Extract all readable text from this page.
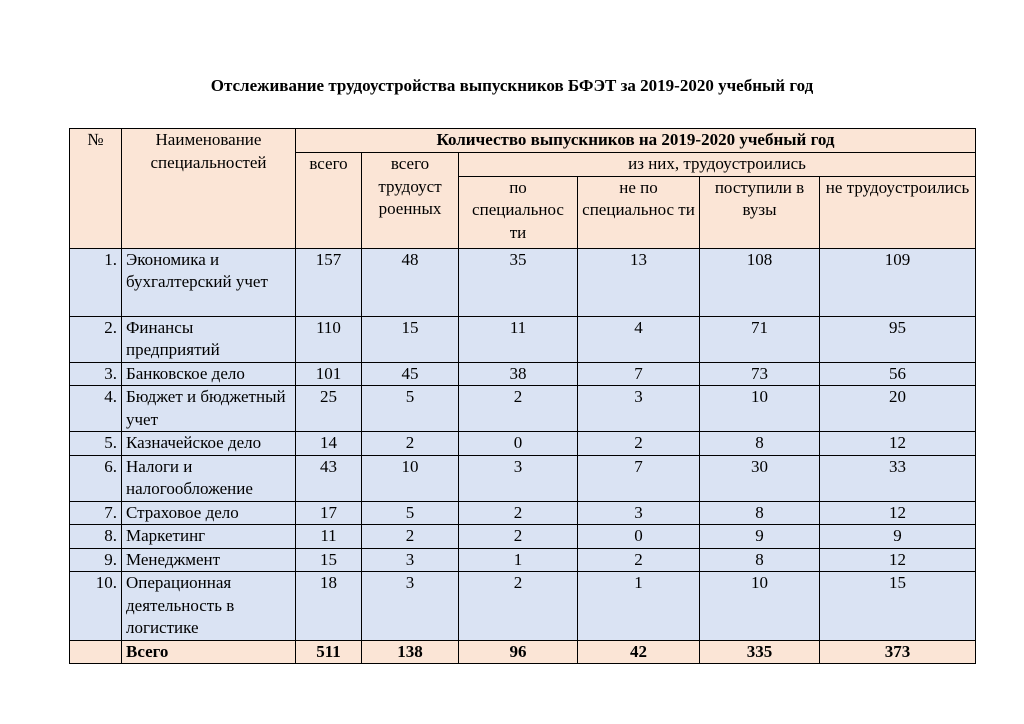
Отслеживание трудоустройства выпускников БФЭТ за 2019-2020 учебный год
№	Наименование специальностей	Количество выпускников на 2019-2020 учебный год					
		всего	всего трудоуст роенных	из них, трудоустроились			
				по специальнос ти	не по специальнос ти	поступили в вузы	не трудоустроились
1.	Экономика и бухгалтерский учет	157	48	35	13	108	109
2.	Финансы предприятий	110	15	11	4	71	95
3.	Банковское дело	101	45	38	7	73	56
4.	Бюджет и бюджетный учет	25	5	2	3	10	20
5.	Казначейское дело	14	2	0	2	8	12
6.	Налоги и налогообложение	43	10	3	7	30	33
7.	Страховое дело	17	5	2	3	8	12
8.	Маркетинг	11	2	2	0	9	9
9.	Менеджмент	15	3	1	2	8	12
10.	Операционная деятельность в логистике	18	3	2	1	10	15
	Всего	511	138	96	42	335	373
